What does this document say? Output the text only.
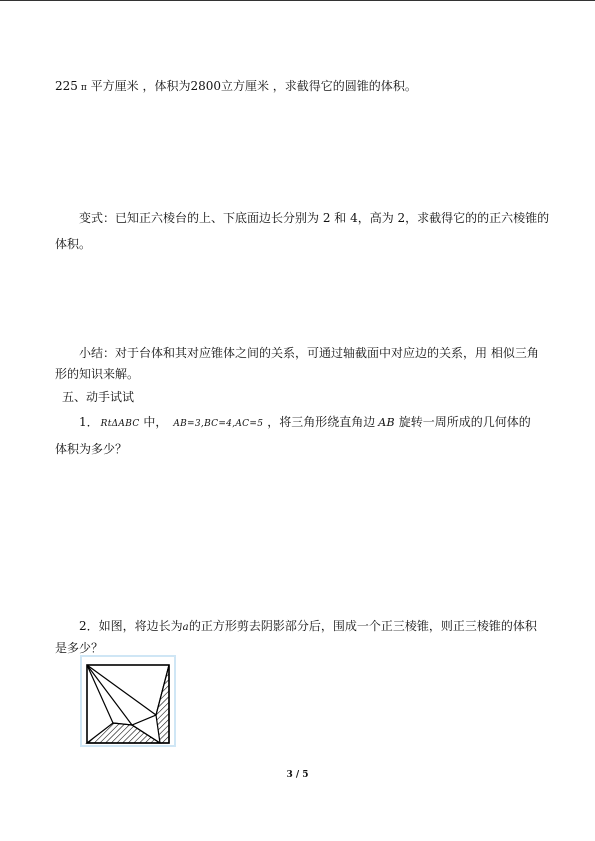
225 π 平方厘米 ，体积为2800立方厘米 ，求截得它的圆锥的体积。
变式：已知正六棱台的上、下底面边长分别为 2 和 4，高为 2，求截得它的的正六棱锥的
体积。
小结：对于台体和其对应锥体之间的关系，可通过轴截面中对应边的关系，用 相似三角
形的知识来解。
五、动手试试
1． RtΔABC 中， AB=3,BC=4,AC=5 ，将三角形绕直角边 AB 旋转一周所成的几何体的
体积为多少？
2．如图，将边长为a的正方形剪去阴影部分后，围成一个正三棱锥，则正三棱锥的体积
是多少？
3 / 5
